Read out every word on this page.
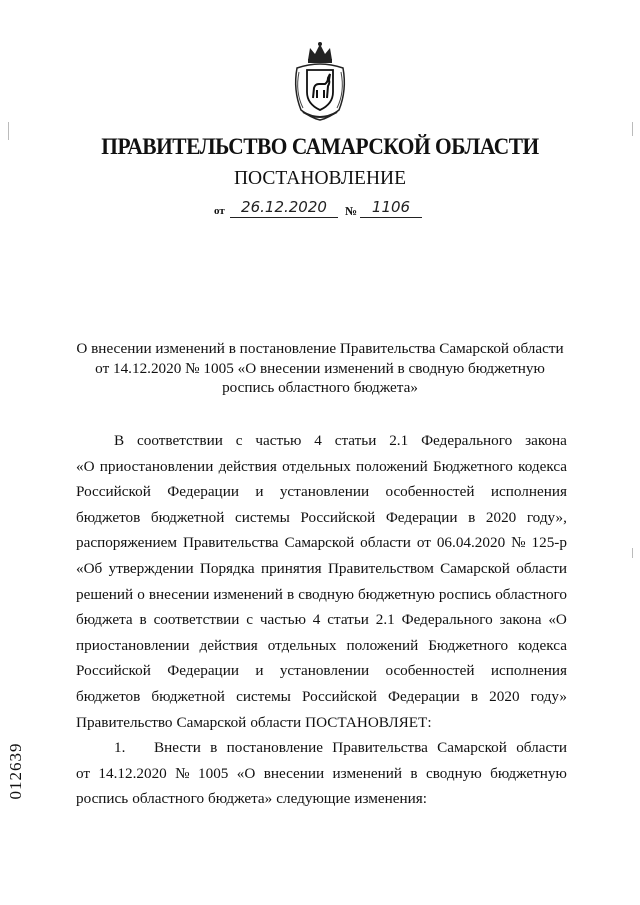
ПРАВИТЕЛЬСТВО САМАРСКОЙ ОБЛАСТИ
ПОСТАНОВЛЕНИЕ
от	26.12.2020	№ 1106
О внесении изменений в постановление Правительства Самарской области
от 14.12.2020 № 1005 «О внесении изменений в сводную бюджетную
роспись областного бюджета»
В соответствии с частью 4 статьи 2.1 Федерального закона
«О приостановлении действия отдельных положений Бюджетного кодекса
Российской Федерации и установлении особенностей исполнения
бюджетов бюджетной системы Российской Федерации в 2020 году»,
распоряжением Правительства Самарской области от 06.04.2020 № 125-р
«Об утверждении Порядка принятия Правительством Самарской области
решений о внесении изменений в сводную бюджетную роспись областного
бюджета в соответствии с частью 4 статьи 2.1 Федерального закона «О
приостановлении действия отдельных положений Бюджетного кодекса
Российской Федерации и установлении особенностей исполнения
бюджетов бюджетной системы Российской Федерации в 2020 году»
Правительство Самарской области ПОСТАНОВЛЯЕТ:
1.	Внести в постановление Правительства Самарской области
от 14.12.2020 № 1005 «О внесении изменений в сводную бюджетную
роспись областного бюджета» следующие изменения:
012639
